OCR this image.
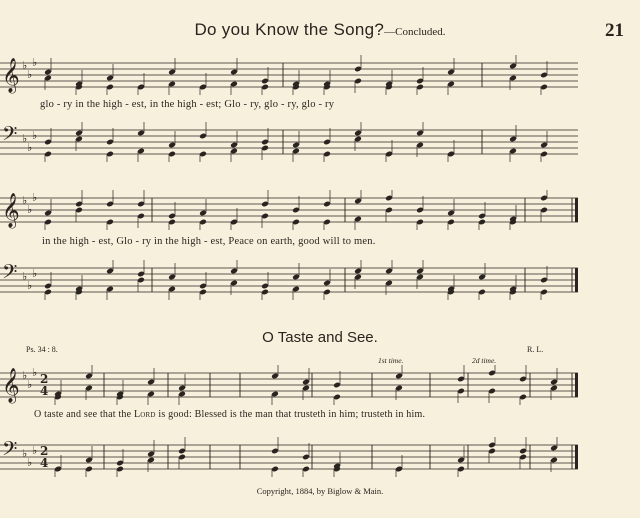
Do you Know the Song?—Concluded.	21
𝄞 ♭
♭
♭
glo - ry in the high - est, in the high - est; Glo - ry, glo - ry, glo - ry
𝄢 ♭
♭
♭
𝄞 ♭
♭
♭
in the high - est, Glo - ry in the high - est, Peace on earth, good will to men.
𝄢 ♭
♭
♭
O Taste and See.
Ps. 34 : 8.	R. L.
1st time.	2d time.
𝄞 ♭
♭
♭ 2
4
O taste and see that the Lord is good: Blessed is the man that trusteth in him; trusteth in him.
𝄢 ♭
♭
♭ 2
4
Copyright, 1884, by Biglow & Main.
